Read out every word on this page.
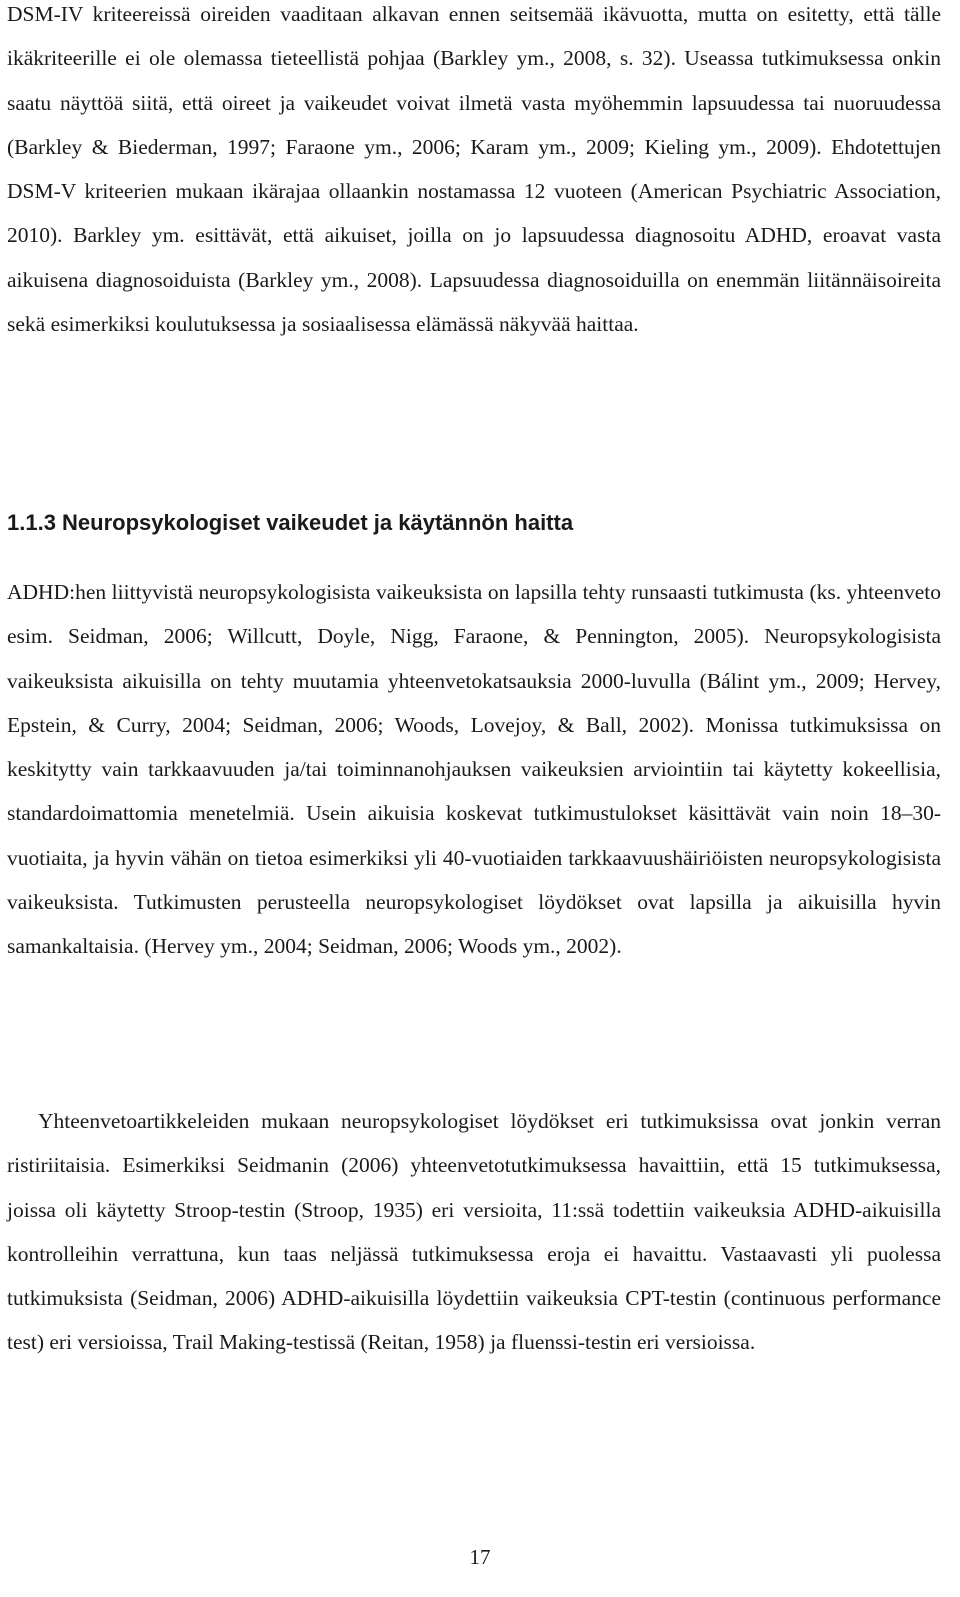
DSM-IV kriteereissä oireiden vaaditaan alkavan ennen seitsemää ikävuotta, mutta on esitetty, että tälle ikäkriteerille ei ole olemassa tieteellistä pohjaa (Barkley ym., 2008, s. 32). Useassa tutkimuksessa onkin saatu näyttöä siitä, että oireet ja vaikeudet voivat ilmetä vasta myöhemmin lapsuudessa tai nuoruudessa (Barkley & Biederman, 1997; Faraone ym., 2006; Karam ym., 2009; Kieling ym., 2009). Ehdotettujen DSM-V kriteerien mukaan ikärajaa ollaankin nostamassa 12 vuoteen (American Psychiatric Association, 2010). Barkley ym. esittävät, että aikuiset, joilla on jo lapsuudessa diagnosoitu ADHD, eroavat vasta aikuisena diagnosoiduista (Barkley ym., 2008). Lapsuudessa diagnosoiduilla on enemmän liitännäisoireita sekä esimerkiksi koulutuksessa ja sosiaalisessa elämässä näkyvää haittaa.

1.1.3 Neuropsykologiset vaikeudet ja käytännön haitta

ADHD:hen liittyvistä neuropsykologisista vaikeuksista on lapsilla tehty runsaasti tutkimusta (ks. yhteenveto esim. Seidman, 2006; Willcutt, Doyle, Nigg, Faraone, & Pennington, 2005). Neuropsykologisista vaikeuksista aikuisilla on tehty muutamia yhteenvetokatsauksia 2000-luvulla (Bálint ym., 2009; Hervey, Epstein, & Curry, 2004; Seidman, 2006; Woods, Lovejoy, & Ball, 2002). Monissa tutkimuksissa on keskitytty vain tarkkaavuuden ja/tai toiminnanohjauksen vaikeuksien arviointiin tai käytetty kokeellisia, standardoimattomia menetelmiä. Usein aikuisia koskevat tutkimustulokset käsittävät vain noin 18–30-vuotiaita, ja hyvin vähän on tietoa esimerkiksi yli 40-vuotiaiden tarkkaavuushäiriöisten neuropsykologisista vaikeuksista. Tutkimusten perusteella neuropsykologiset löydökset ovat lapsilla ja aikuisilla hyvin samankaltaisia. (Hervey ym., 2004; Seidman, 2006; Woods ym., 2002).

Yhteenvetoartikkeleiden mukaan neuropsykologiset löydökset eri tutkimuksissa ovat jonkin verran ristiriitaisia. Esimerkiksi Seidmanin (2006) yhteenvetotutkimuksessa havaittiin, että 15 tutkimuksessa, joissa oli käytetty Stroop-testin (Stroop, 1935) eri versioita, 11:ssä todettiin vaikeuksia ADHD-aikuisilla kontrolleihin verrattuna, kun taas neljässä tutkimuksessa eroja ei havaittu. Vastaavasti yli puolessa tutkimuksista (Seidman, 2006) ADHD-aikuisilla löydettiin vaikeuksia CPT-testin (continuous performance test) eri versioissa, Trail Making-testissä (Reitan, 1958) ja fluenssi-testin eri versioissa.

17
